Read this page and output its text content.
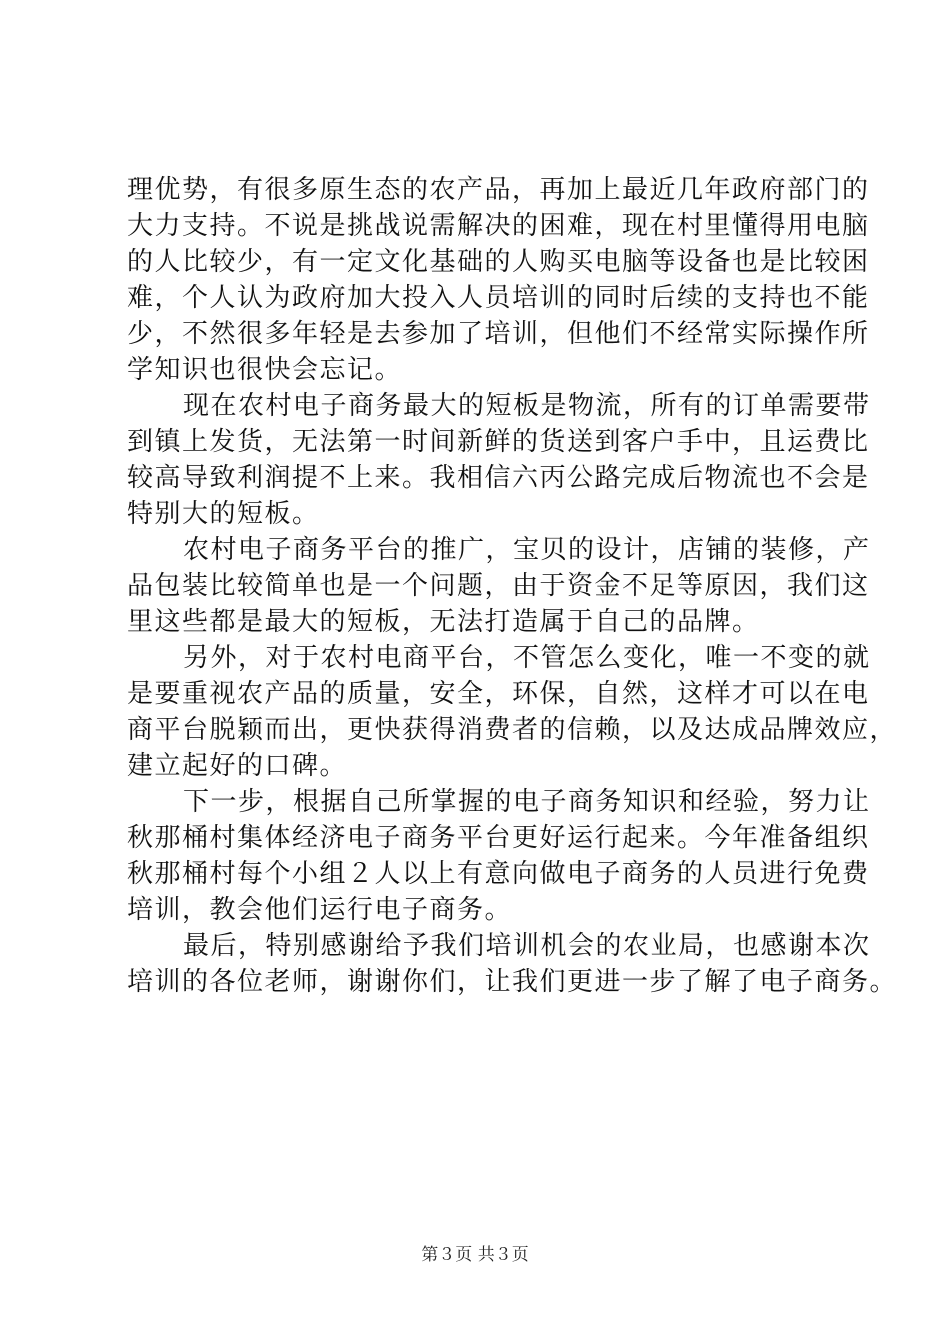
理优势，有很多原生态的农产品，再加上最近几年政府部门的
大力支持。不说是挑战说需解决的困难，现在村里懂得用电脑
的人比较少，有一定文化基础的人购买电脑等设备也是比较困
难，个人认为政府加大投入人员培训的同时后续的支持也不能
少，不然很多年轻是去参加了培训，但他们不经常实际操作所
学知识也很快会忘记。
现在农村电子商务最大的短板是物流，所有的订单需要带
到镇上发货，无法第一时间新鲜的货送到客户手中，且运费比
较高导致利润提不上来。我相信六丙公路完成后物流也不会是
特别大的短板。
农村电子商务平台的推广，宝贝的设计，店铺的装修，产
品包装比较简单也是一个问题，由于资金不足等原因，我们这
里这些都是最大的短板，无法打造属于自己的品牌。
另外，对于农村电商平台，不管怎么变化，唯一不变的就
是要重视农产品的质量，安全，环保，自然，这样才可以在电
商平台脱颖而出，更快获得消费者的信赖，以及达成品牌效应，
建立起好的口碑。
下一步，根据自己所掌握的电子商务知识和经验，努力让
秋那桶村集体经济电子商务平台更好运行起来。今年准备组织
秋那桶村每个小组２人以上有意向做电子商务的人员进行免费
培训，教会他们运行电子商务。
最后，特别感谢给予我们培训机会的农业局，也感谢本次
培训的各位老师，谢谢你们，让我们更进一步了解了电子商务。
第３页 共３页
